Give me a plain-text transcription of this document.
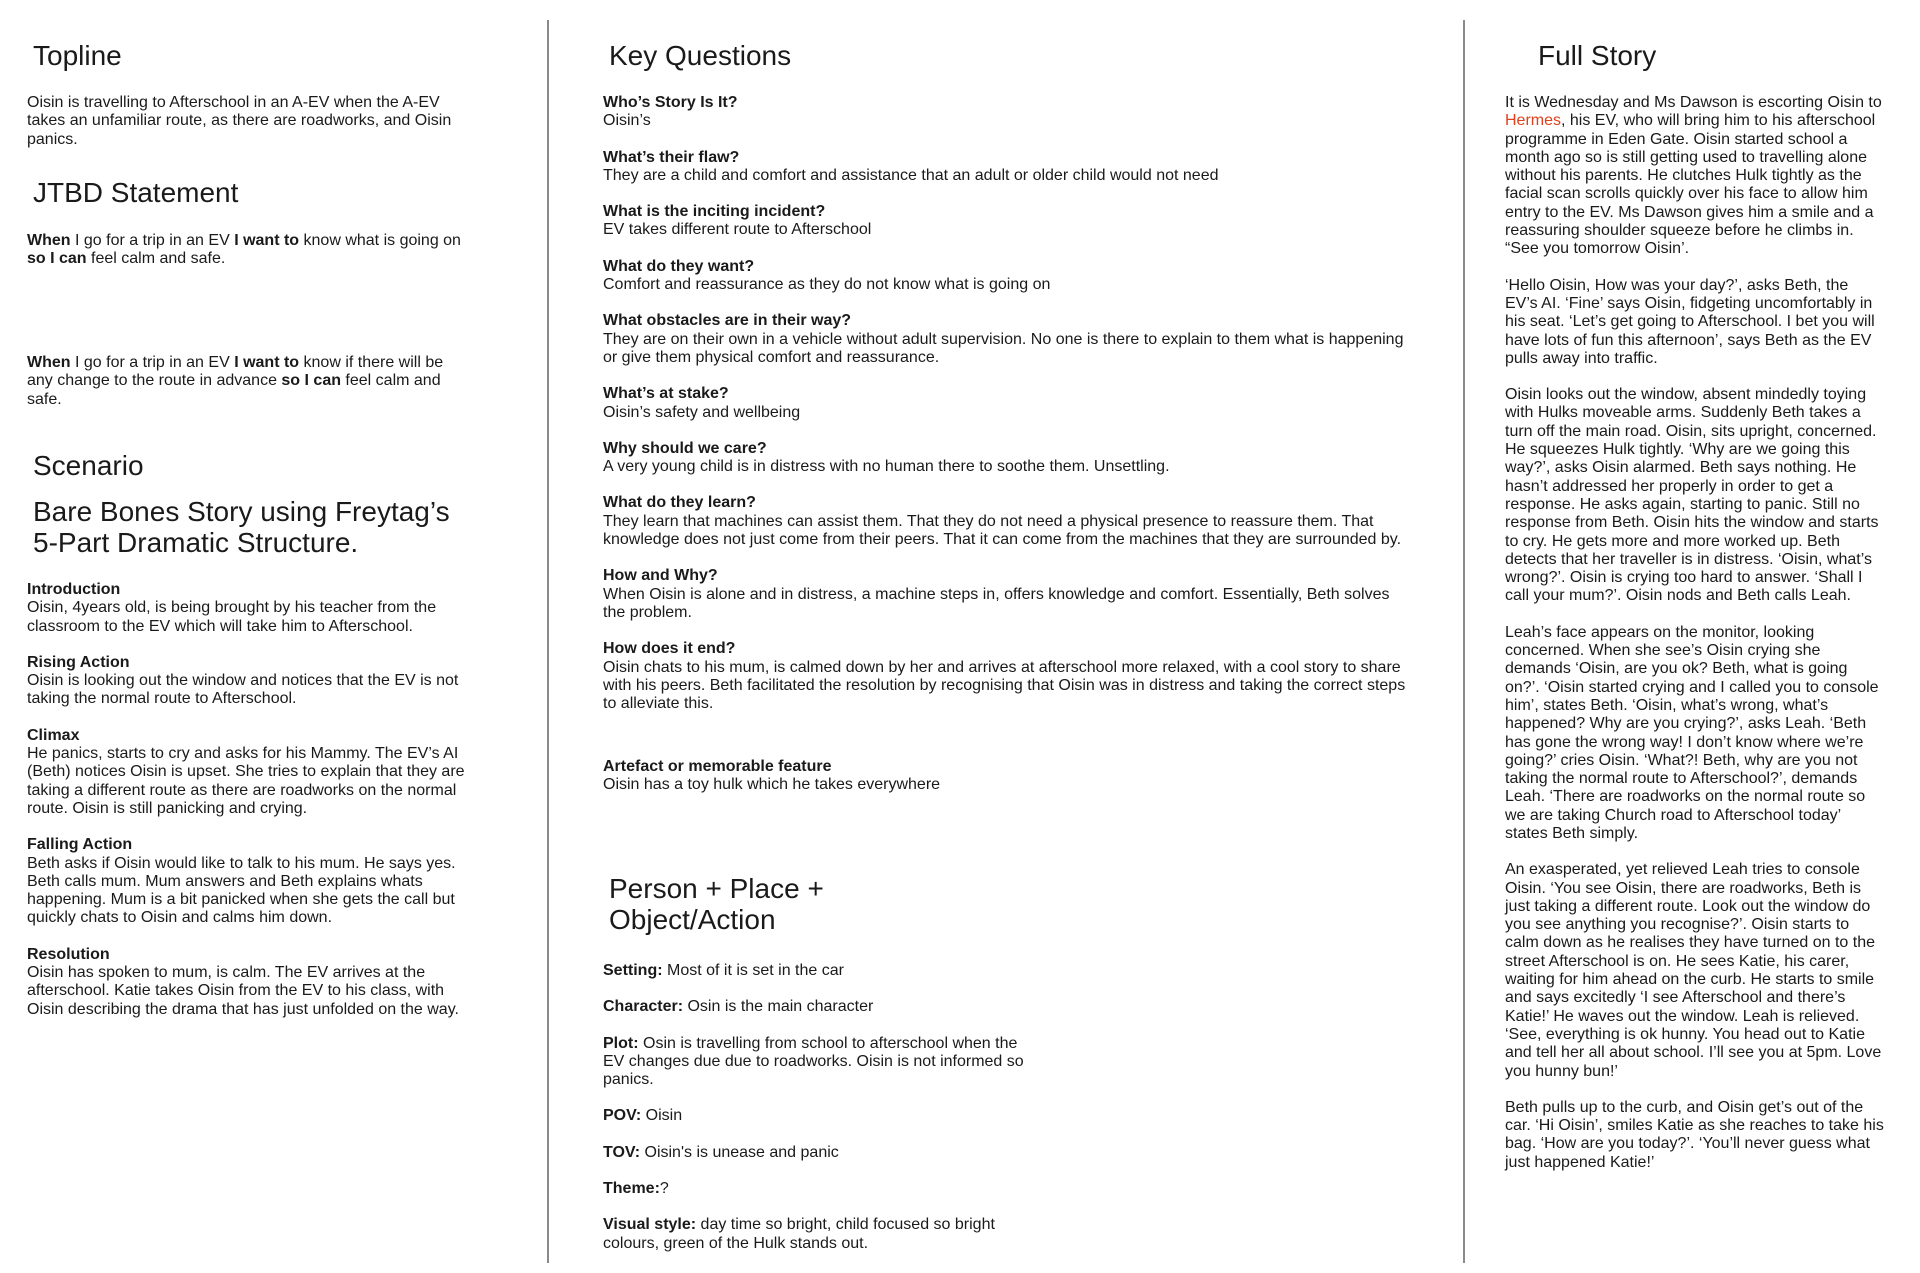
Topline

Oisin is travelling to Afterschool in an A-EV when the A-EV takes an unfamiliar route, as there are roadworks, and Oisin panics.

JTBD Statement

When I go for a trip in an EV I want to know what is going on so I can feel calm and safe.

When I go for a trip in an EV I want to know if there will be any change to the route in advance so I can feel calm and safe.

Scenario
Bare Bones Story using Freytag’s
5-Part Dramatic Structure.
Introduction
Oisin, 4years old, is being brought by his teacher from the classroom to the EV which will take him to Afterschool.
Rising Action
Oisin is looking out the window and notices that the EV is not taking the normal route to Afterschool.
Climax
He panics, starts to cry and asks for his Mammy. The EV’s AI (Beth) notices Oisin is upset. She tries to explain that they are taking a different route as there are roadworks on the normal route. Oisin is still panicking and crying.
Falling Action
Beth asks if Oisin would like to talk to his mum. He says yes. Beth calls mum. Mum answers and Beth explains whats happening. Mum is a bit panicked when she gets the call but quickly chats to Oisin and calms him down.
Resolution
Oisin has spoken to mum, is calm. The EV arrives at the afterschool. Katie takes Oisin from the EV to his class, with Oisin describing the drama that has just unfolded on the way.
Key Questions
Who’s Story Is It?
Oisin’s
What’s their flaw?
They are a child and comfort and assistance that an adult or older child would not need
What is the inciting incident?
EV takes different route to Afterschool
What do they want?
Comfort and reassurance as they do not know what is going on
What obstacles are in their way?
They are on their own in a vehicle without adult supervision. No one is there to explain to them what is happening or give them physical comfort and reassurance.
What’s at stake?
Oisin’s safety and wellbeing
Why should we care?
A very young child is in distress with no human there to soothe them. Unsettling.
What do they learn?
They learn that machines can assist them. That they do not need a physical presence to reassure them. That knowledge does not just come from their peers. That it can come from the machines that they are surrounded by.
How and Why?
When Oisin is alone and in distress, a machine steps in, offers knowledge and comfort. Essentially, Beth solves the problem.
How does it end?
Oisin chats to his mum, is calmed down by her and arrives at afterschool more relaxed, with a cool story to share with his peers. Beth facilitated the resolution by recognising that Oisin was in distress and taking the correct steps to alleviate this.
Artefact or memorable feature
Oisin has a toy hulk which he takes everywhere
Person + Place +
Object/Action

Setting: Most of it is set in the car

Character: Osin is the main character

Plot: Osin is travelling from school to afterschool when the EV changes due due to roadworks. Oisin is not informed so panics.

POV: Oisin

TOV: Oisin's is unease and panic

Theme:?

Visual style: day time so bright, child focused so bright colours, green of the Hulk stands out.

Full Story

It is Wednesday and Ms Dawson is escorting Oisin to Hermes, his EV, who will bring him to his afterschool programme in Eden Gate. Oisin started school a month ago so is still getting used to travelling alone without his parents. He clutches Hulk tightly as the facial scan scrolls quickly over his face to allow him entry to the EV. Ms Dawson gives him a smile and a reassuring shoulder squeeze before he climbs in. “See you tomorrow Oisin’.

‘Hello Oisin, How was your day?’, asks Beth, the EV’s AI. ‘Fine’ says Oisin, fidgeting uncomfortably in his seat. ‘Let’s get going to Afterschool. I bet you will have lots of fun this afternoon’, says Beth as the EV pulls away into traffic.

Oisin looks out the window, absent mindedly toying with Hulks moveable arms. Suddenly Beth takes a turn off the main road. Oisin, sits upright, concerned. He squeezes Hulk tightly. ‘Why are we going this way?’, asks Oisin alarmed. Beth says nothing. He hasn’t addressed her properly in order to get a response. He asks again, starting to panic. Still no response from Beth. Oisin hits the window and starts to cry. He gets more and more worked up. Beth detects that her traveller is in distress. ‘Oisin, what’s wrong?’. Oisin is crying too hard to answer. ‘Shall I call your mum?’. Oisin nods and Beth calls Leah.

Leah’s face appears on the monitor, looking concerned. When she see’s Oisin crying she demands ‘Oisin, are you ok? Beth, what is going on?’. ‘Oisin started crying and I called you to console him’, states Beth. ‘Oisin, what’s wrong, what’s happened? Why are you crying?’, asks Leah. ‘Beth has gone the wrong way! I don’t know where we’re going?’ cries Oisin. ‘What?! Beth, why are you not taking the normal route to Afterschool?’, demands Leah. ‘There are roadworks on the normal route so we are taking Church road to Afterschool today’ states Beth simply.

An exasperated, yet relieved Leah tries to console Oisin. ‘You see Oisin, there are roadworks, Beth is just taking a different route. Look out the window do you see anything you recognise?’. Oisin starts to calm down as he realises they have turned on to the street Afterschool is on. He sees Katie, his carer, waiting for him ahead on the curb. He starts to smile and says excitedly ‘I see Afterschool and there’s Katie!’ He waves out the window. Leah is relieved. ‘See, everything is ok hunny. You head out to Katie and tell her all about school. I’ll see you at 5pm. Love you hunny bun!’

Beth pulls up to the curb, and Oisin get’s out of the car. ‘Hi Oisin’, smiles Katie as she reaches to take his bag. ‘How are you today?’. ‘You’ll never guess what just happened Katie!’
